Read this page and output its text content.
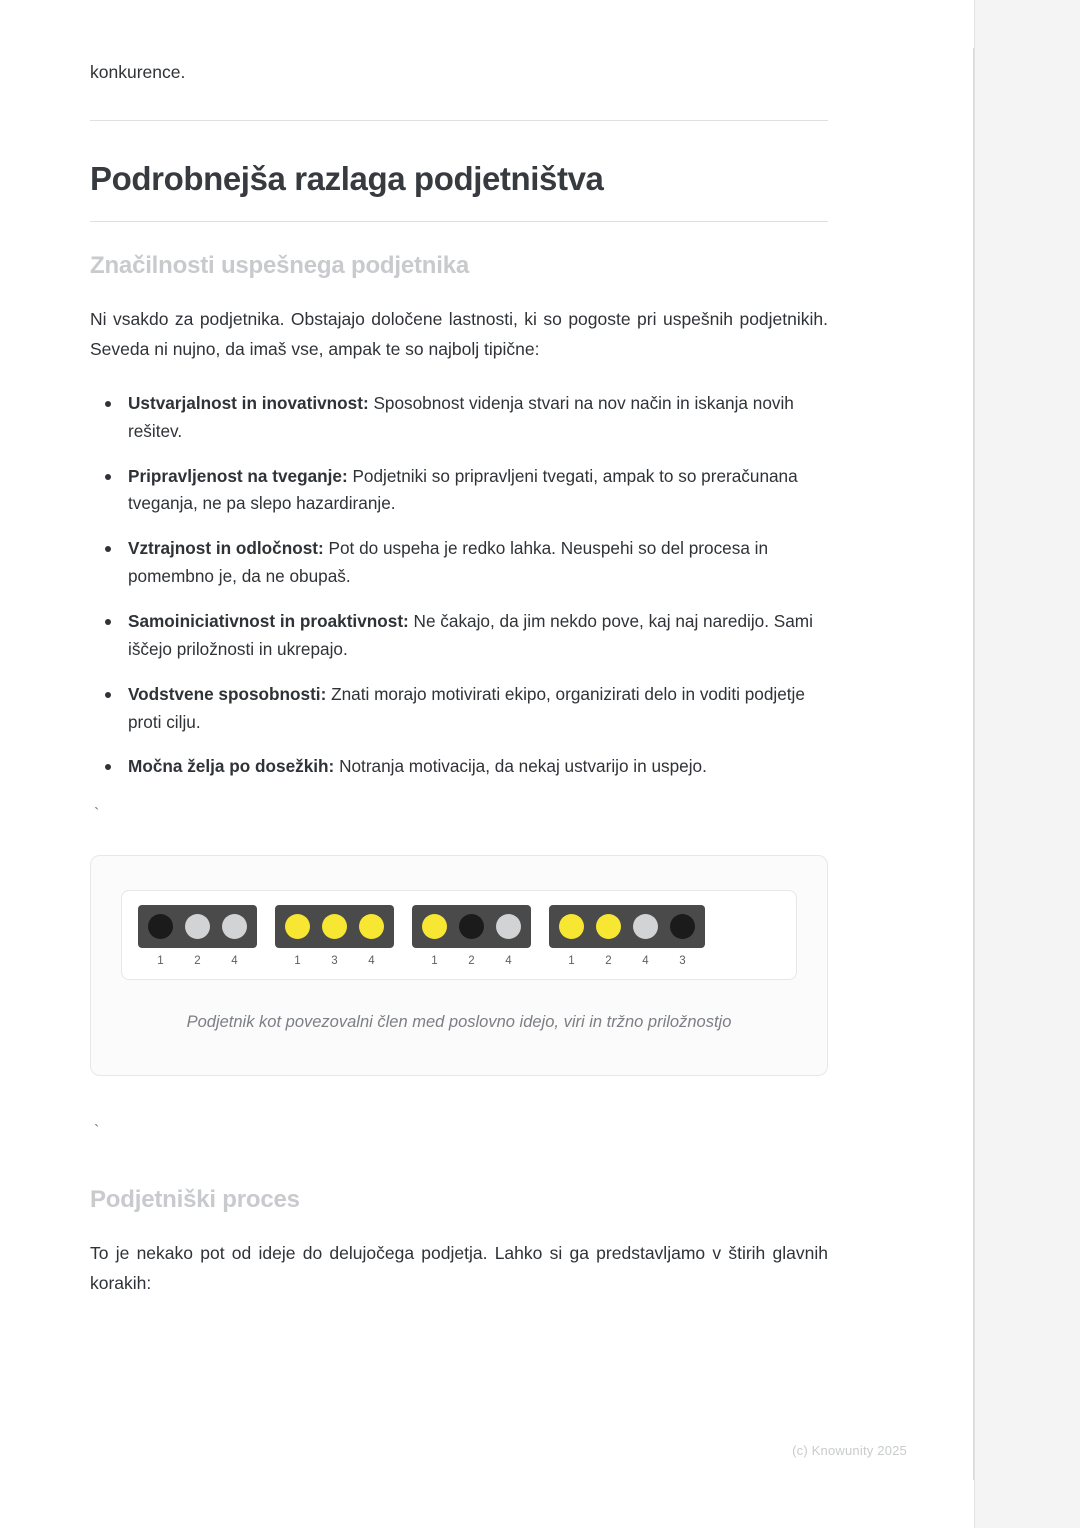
konkurence.
Podrobnejša razlaga podjetništva
Značilnosti uspešnega podjetnika

Ni vsakdo za podjetnika. Obstajajo določene lastnosti, ki so pogoste pri uspešnih podjetnikih. Seveda ni nujno, da imaš vse, ampak te so najbolj tipične:

Ustvarjalnost in inovativnost: Sposobnost videnja stvari na nov način in iskanja novih rešitev.
Pripravljenost na tveganje: Podjetniki so pripravljeni tvegati, ampak to so preračunana tveganja, ne pa slepo hazardiranje.
Vztrajnost in odločnost: Pot do uspeha je redko lahka. Neuspehi so del procesa in pomembno je, da ne obupaš.
Samoiniciativnost in proaktivnost: Ne čakajo, da jim nekdo pove, kaj naj naredijo. Sami iščejo priložnosti in ukrepajo.
Vodstvene sposobnosti: Znati morajo motivirati ekipo, organizirati delo in voditi podjetje proti cilju.
Močna želja po dosežkih: Notranja motivacija, da nekaj ustvarijo in uspejo.
`
1	2	4	1	3	4	1	2	4	1	2	4	3
Podjetnik kot povezovalni člen med poslovno idejo, viri in tržno priložnostjo
`
Podjetniški proces

To je nekako pot od ideje do delujočega podjetja. Lahko si ga predstavljamo v štirih glavnih korakih:

(c) Knowunity 2025
